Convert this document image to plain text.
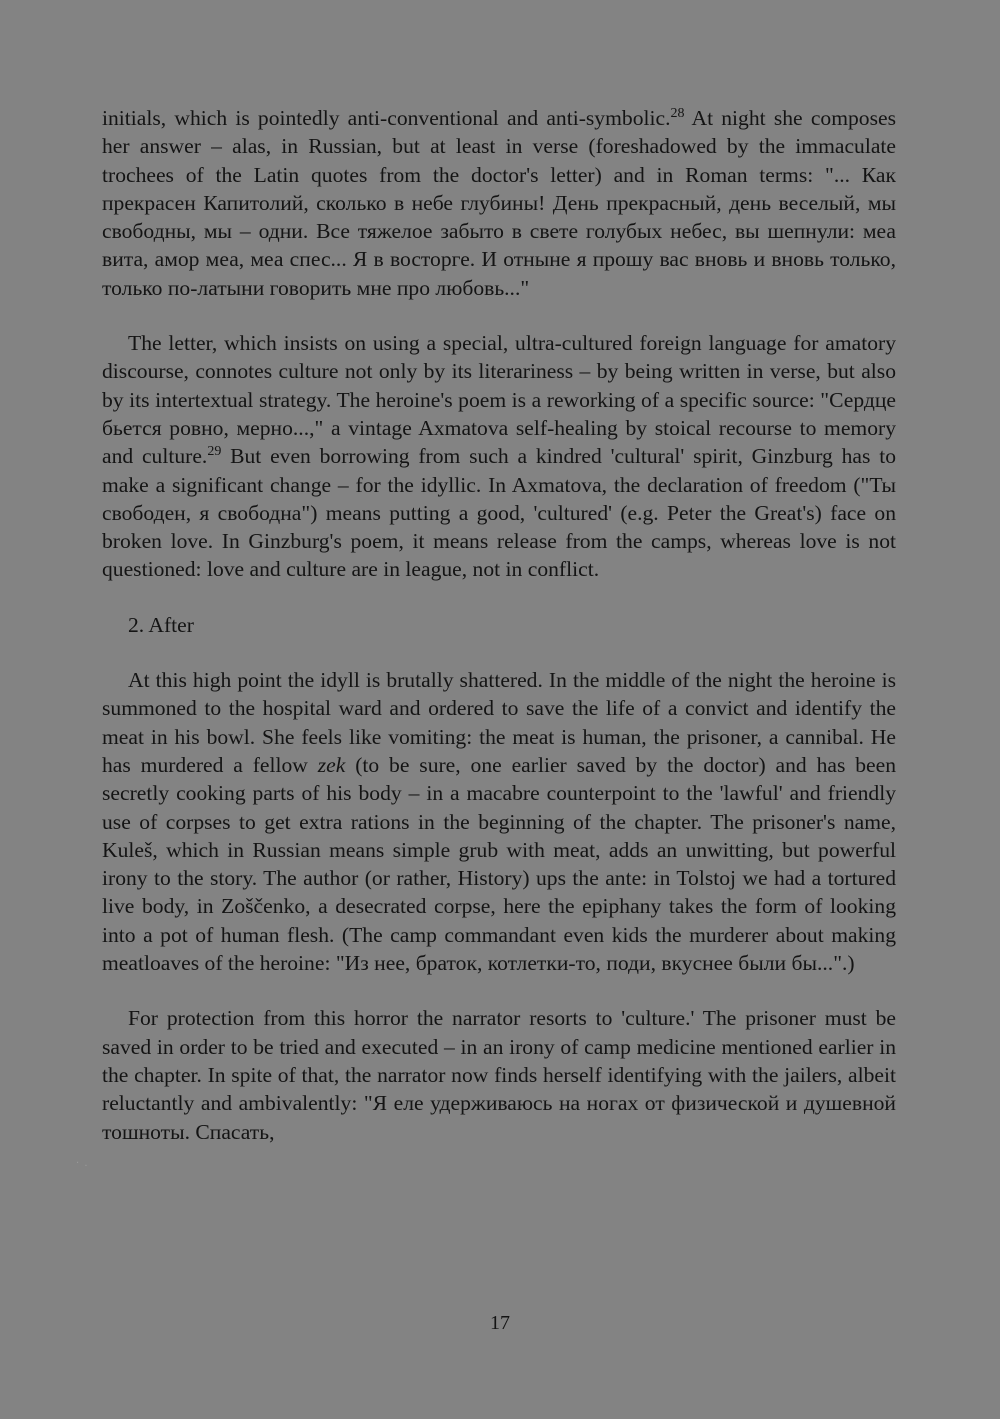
initials, which is pointedly anti-conventional and anti-symbolic.$^{28}$ At night she composes her answer – alas, in Russian, but at least in verse (foreshadowed by the immaculate trochees of the Latin quotes from the doctor's letter) and in Roman terms: "... Как прекрасен Капитолий, сколько в небе глубины! День прекрасный, день веселый, мы свободны, мы – одни. Все тяжелое забыто в свете голубых небес, вы шепнули: меа вита, амор меа, меа спес... Я в восторге. И отныне я прошу вас вновь и вновь только, только по-латыни говорить мне про любовь..."

The letter, which insists on using a special, ultra-cultured foreign language for amatory discourse, connotes culture not only by its literariness – by being written in verse, but also by its intertextual strategy. The heroine's poem is a reworking of a specific source: "Сердце бьется ровно, мерно...," a vintage Axmatova self-healing by stoical recourse to memory and culture.$^{29}$ But even borrowing from such a kindred 'cultural' spirit, Ginzburg has to make a significant change – for the idyllic. In Axmatova, the declaration of freedom ("Ты свободен, я свободна") means putting a good, 'cultured' (e.g. Peter the Great's) face on broken love. In Ginzburg's poem, it means release from the camps, whereas love is not questioned: love and culture are in league, not in conflict.

2. After

At this high point the idyll is brutally shattered. In the middle of the night the heroine is summoned to the hospital ward and ordered to save the life of a convict and identify the meat in his bowl. She feels like vomiting: the meat is human, the prisoner, a cannibal. He has murdered a fellow zek (to be sure, one earlier saved by the doctor) and has been secretly cooking parts of his body – in a macabre counterpoint to the 'lawful' and friendly use of corpses to get extra rations in the beginning of the chapter. The prisoner's name, Kuleš, which in Russian means simple grub with meat, adds an unwitting, but powerful irony to the story. The author (or rather, History) ups the ante: in Tolstoj we had a tortured live body, in Zoščenko, a desecrated corpse, here the epiphany takes the form of looking into a pot of human flesh. (The camp commandant even kids the murderer about making meatloaves of the heroine: "Из нее, браток, котлетки-то, поди, вкуснее были бы...".)

For protection from this horror the narrator resorts to 'culture.' The prisoner must be saved in order to be tried and executed – in an irony of camp medicine mentioned earlier in the chapter. In spite of that, the narrator now finds herself identifying with the jailers, albeit reluctantly and ambivalently: "Я еле удерживаюсь на ногах от физической и душевной тошноты. Спасать,

17
· .
